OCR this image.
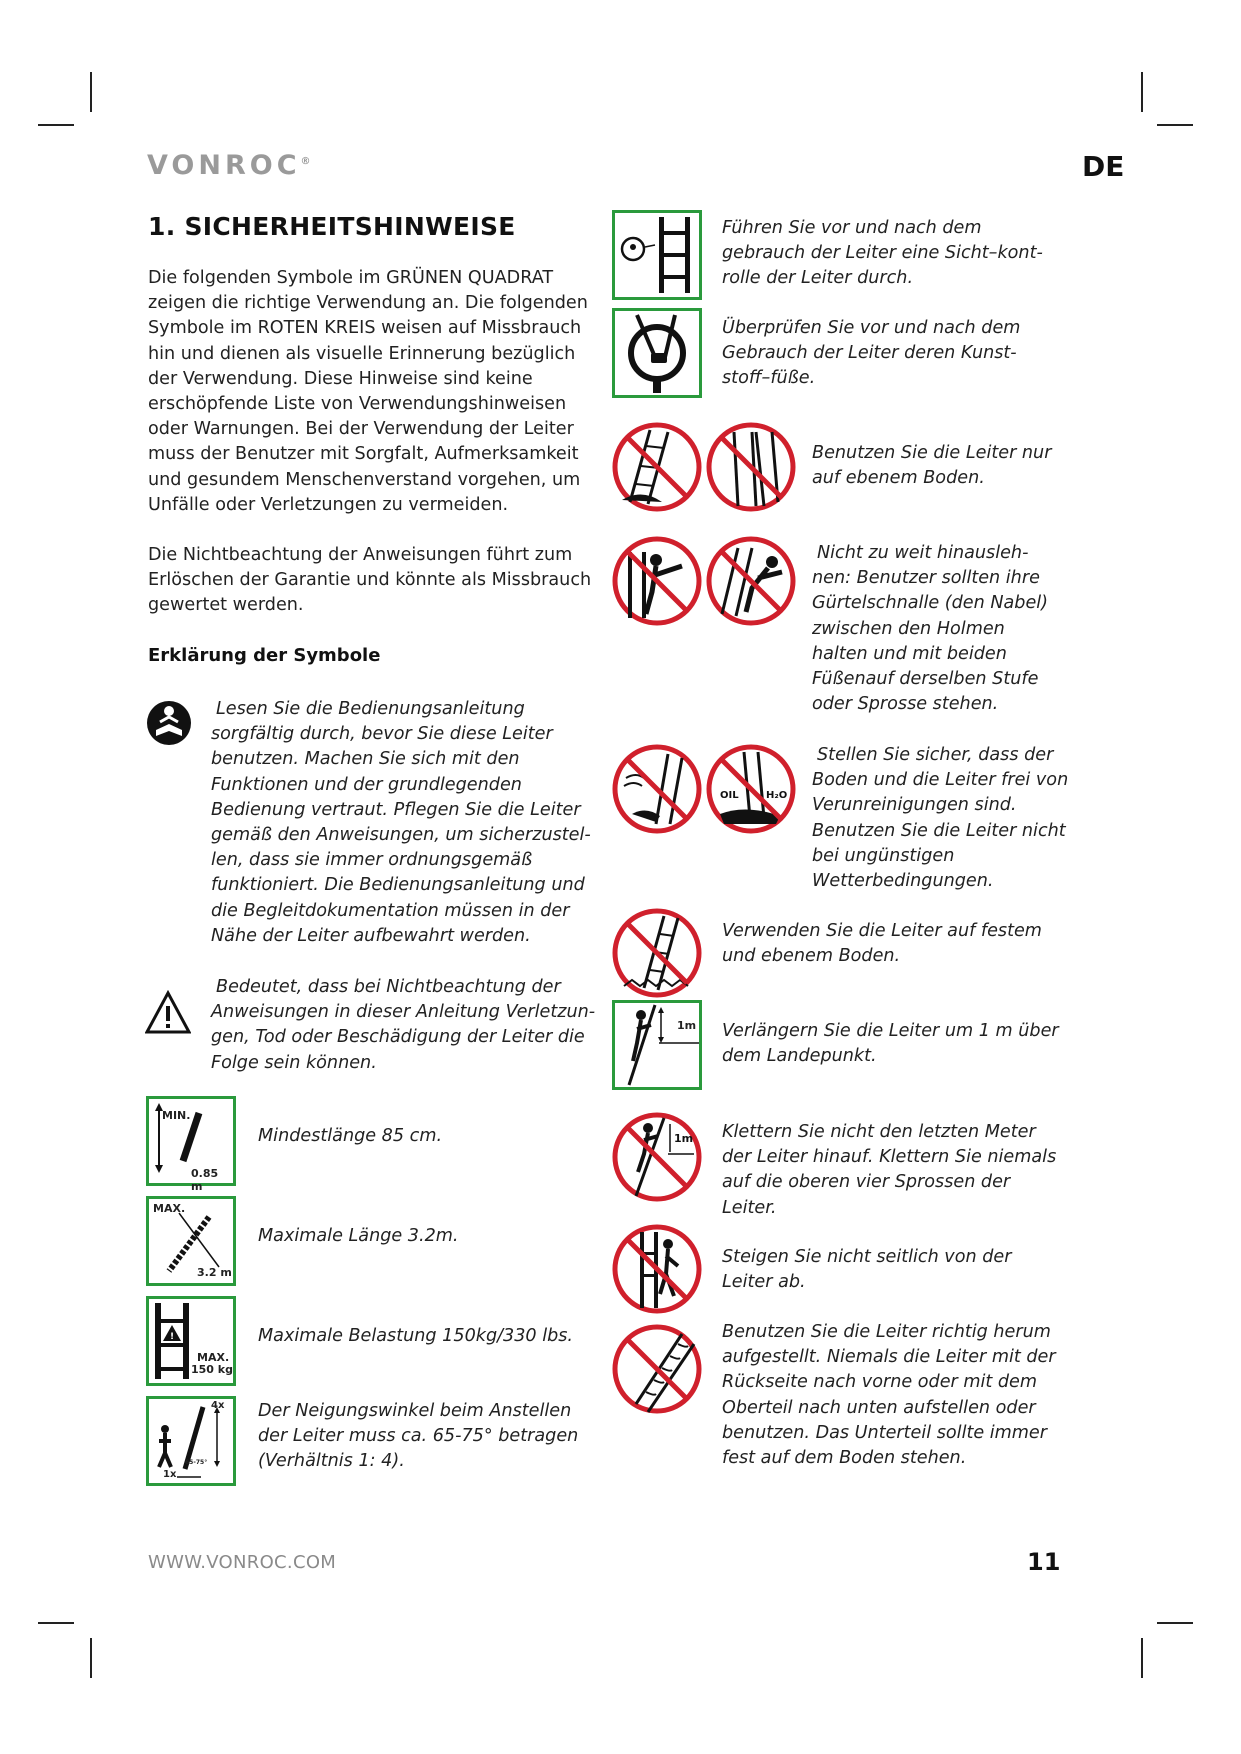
VONROC®	DE
1. SICHERHEITSHINWEISE

Die folgenden Symbole im GRÜNEN QUADRAT zeigen die richtige Verwendung an. Die folgenden Symbole im ROTEN KREIS weisen auf Missbrauch hin und dienen als visuelle Erinnerung bezüglich der Verwendung. Diese Hinweise sind keine erschöpfende Liste von Verwendungshinweisen oder Warnungen. Bei der Verwendung der Leiter muss der Benutzer mit Sorgfalt, Aufmerksamkeit und gesundem Menschenverstand vorgehen, um Unfälle oder Verletzungen zu vermeiden.

Die Nichtbeachtung der Anweisungen führt zum Erlöschen der Garantie und könnte als Missbrauch gewertet werden.

Erklärung der Symbole
Lesen Sie die Bedienungsanleitung sorgfältig durch, bevor Sie diese Leiter benutzen. Machen Sie sich mit den Funktionen und der grundlegenden Bedienung vertraut. Pflegen Sie die Leiter gemäß den Anweisungen, um sicherzustel-len, dass sie immer ordnungsgemäß funktioniert. Die Bedienungsanleitung und die Begleitdokumentation müssen in der Nähe der Leiter aufbewahrt werden.
Bedeutet, dass bei Nichtbeachtung der Anweisungen in dieser Anleitung Verletzun-gen, Tod oder Beschädigung der Leiter die Folge sein können.
MIN.
0.85 m
Mindestlänge 85 cm.
MAX.
3.2 m
Maximale Länge 3.2m.
!
MAX.
150 kg
Maximale Belastung 150kg/330 lbs.
4x
1x
65-75°
Der Neigungswinkel beim Anstellen der Leiter muss ca. 65-75° betragen (Verhältnis 1: 4).
Führen Sie vor und nach dem gebrauch der Leiter eine Sicht–kont-rolle der Leiter durch.
Überprüfen Sie vor und nach dem Gebrauch der Leiter deren Kunst-stoff–füße.
Benutzen Sie die Leiter nur auf ebenem Boden.
Nicht zu weit hinausleh-nen: Benutzer sollten ihre Gürtelschnalle (den Nabel) zwischen den Holmen halten und mit beiden Füßenauf derselben Stufe oder Sprosse stehen.
OIL	H₂O
Stellen Sie sicher, dass der Boden und die Leiter frei von Verunreinigungen sind. Benutzen Sie die Leiter nicht bei ungünstigen Wetterbedingungen.
Verwenden Sie die Leiter auf festem und ebenem Boden.
1m Verlängern Sie die Leiter um 1 m über dem Landepunkt.
1m Klettern Sie nicht den letzten Meter der Leiter hinauf. Klettern Sie niemals auf die oberen vier Sprossen der Leiter.
Steigen Sie nicht seitlich von der Leiter ab.
Benutzen Sie die Leiter richtig herum aufgestellt. Niemals die Leiter mit der Rückseite nach vorne oder mit dem Oberteil nach unten aufstellen oder benutzen. Das Unterteil sollte immer fest auf dem Boden stehen.
WWW.VONROC.COM	11
